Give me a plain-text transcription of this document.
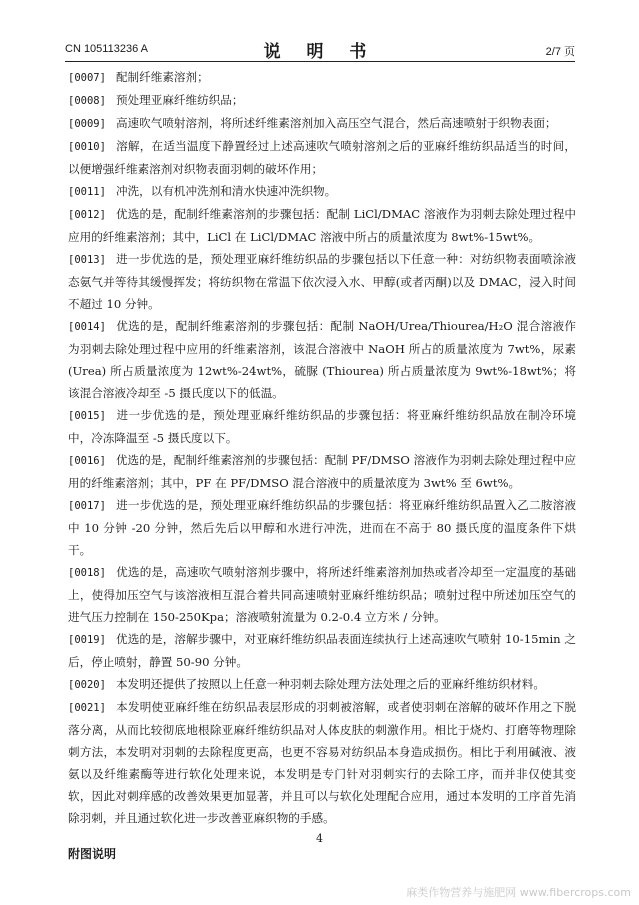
CN 105113236 A	说 明 书	2/7 页

[0007] 配制纤维素溶剂；

[0008] 预处理亚麻纤维纺织品；

[0009] 高速吹气喷射溶剂，将所述纤维素溶剂加入高压空气混合，然后高速喷射于织物表面；

[0010] 溶解，在适当温度下静置经过上述高速吹气喷射溶剂之后的亚麻纤维纺织品适当的时间，以便增强纤维素溶剂对织物表面羽刺的破坏作用；

[0011] 冲洗，以有机冲洗剂和清水快速冲洗织物。

[0012] 优选的是，配制纤维素溶剂的步骤包括：配制 LiCl/DMAC 溶液作为羽刺去除处理过程中应用的纤维素溶剂；其中，LiCl 在 LiCl/DMAC 溶液中所占的质量浓度为 8wt%-15wt%。

[0013] 进一步优选的是，预处理亚麻纤维纺织品的步骤包括以下任意一种：对纺织物表面喷涂液态氨气并等待其缓慢挥发；将纺织物在常温下依次浸入水、甲醇(或者丙酮)以及 DMAC，浸入时间不超过 10 分钟。

[0014] 优选的是，配制纤维素溶剂的步骤包括：配制 NaOH/Urea/Thiourea/H₂O 混合溶液作为羽刺去除处理过程中应用的纤维素溶剂，该混合溶液中 NaOH 所占的质量浓度为 7wt%，尿素 (Urea) 所占质量浓度为 12wt%-24wt%，硫脲 (Thiourea) 所占质量浓度为 9wt%-18wt%；将该混合溶液冷却至 -5 摄氏度以下的低温。

[0015] 进一步优选的是，预处理亚麻纤维纺织品的步骤包括：将亚麻纤维纺织品放在制冷环境中，冷冻降温至 -5 摄氏度以下。

[0016] 优选的是，配制纤维素溶剂的步骤包括：配制 PF/DMSO 溶液作为羽刺去除处理过程中应用的纤维素溶剂；其中，PF 在 PF/DMSO 混合溶液中的质量浓度为 3wt% 至 6wt%。

[0017] 进一步优选的是，预处理亚麻纤维纺织品的步骤包括：将亚麻纤维纺织品置入乙二胺溶液中 10 分钟 -20 分钟，然后先后以甲醇和水进行冲洗，进而在不高于 80 摄氏度的温度条件下烘干。

[0018] 优选的是，高速吹气喷射溶剂步骤中，将所述纤维素溶剂加热或者冷却至一定温度的基础上，使得加压空气与该溶液相互混合着共同高速喷射亚麻纤维纺织品；喷射过程中所述加压空气的进气压力控制在 150-250Kpa；溶液喷射流量为 0.2-0.4 立方米 / 分钟。

[0019] 优选的是，溶解步骤中，对亚麻纤维纺织品表面连续执行上述高速吹气喷射 10-15min 之后，停止喷射，静置 50-90 分钟。

[0020] 本发明还提供了按照以上任意一种羽刺去除处理方法处理之后的亚麻纤维纺织材料。

[0021] 本发明使亚麻纤维在纺织品表层形成的羽刺被溶解，或者使羽刺在溶解的破坏作用之下脱落分离，从而比较彻底地根除亚麻纤维纺织品对人体皮肤的刺激作用。相比于烧灼、打磨等物理除刺方法，本发明对羽刺的去除程度更高，也更不容易对纺织品本身造成损伤。相比于利用碱液、液氨以及纤维素酶等进行软化处理来说，本发明是专门针对羽刺实行的去除工序，而并非仅使其变软，因此对刺痒感的改善效果更加显著，并且可以与软化处理配合应用，通过本发明的工序首先消除羽刺，并且通过软化进一步改善亚麻织物的手感。

附图说明
4
麻类作物营养与施肥网 www.fibercrops.com
